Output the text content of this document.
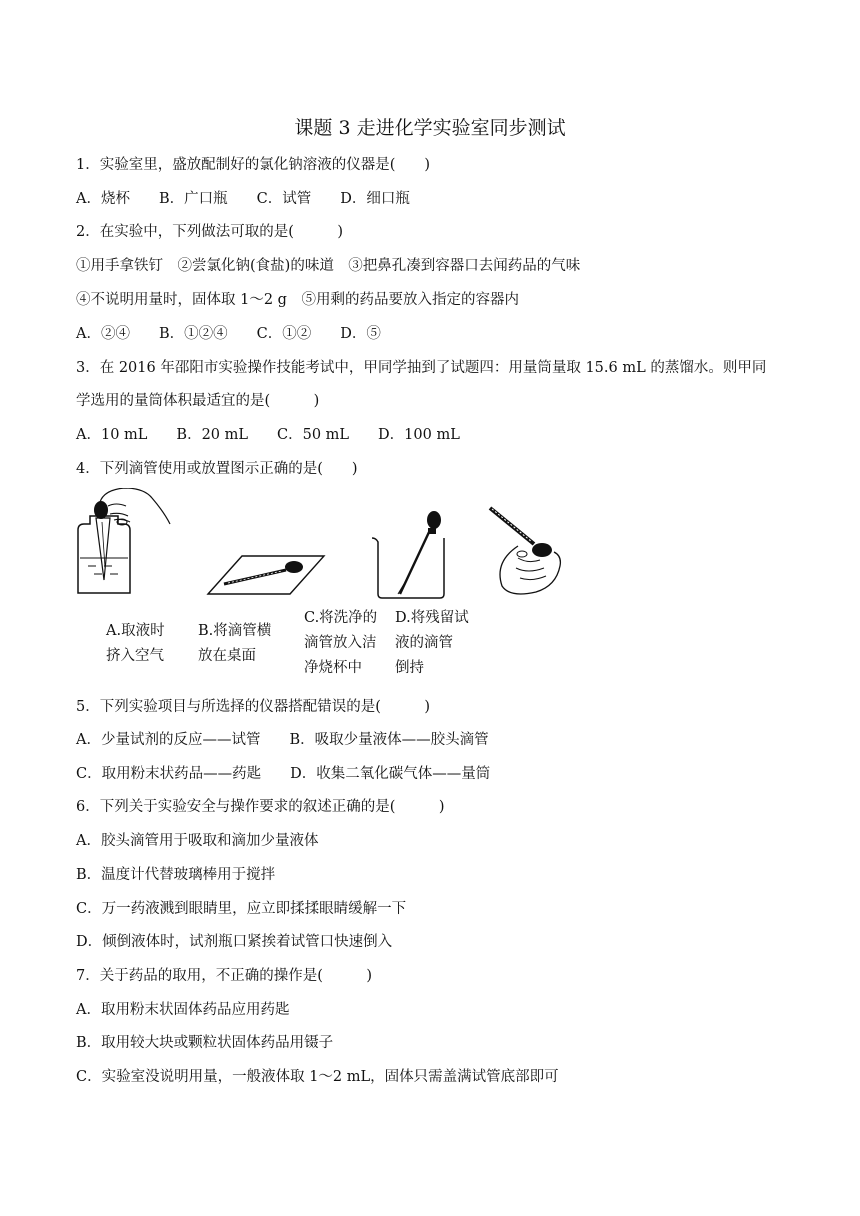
课题 3 走进化学实验室同步测试
1．实验室里，盛放配制好的氯化钠溶液的仪器是(　　)
A．烧杯　　B．广口瓶　　C．试管　　D．细口瓶
2．在实验中，下列做法可取的是(　　　)
①用手拿铁钉　②尝氯化钠(食盐)的味道　③把鼻孔凑到容器口去闻药品的气味
④不说明用量时，固体取 1～2 g　⑤用剩的药品要放入指定的容器内
A．②④　　B．①②④　　C．①②　　D．⑤
3．在 2016 年邵阳市实验操作技能考试中，甲同学抽到了试题四：用量筒量取 15.6 mL 的蒸馏水。则甲同
学选用的量筒体积最适宜的是(　　　)
A．10 mL　　B．20 mL　　C．50 mL　　D．100 mL
4．下列滴管使用或放置图示正确的是(　　)
A.取液时
挤入空气
B.将滴管横
放在桌面
C.将洗净的
滴管放入洁
净烧杯中
D.将残留试
液的滴管
倒持
5．下列实验项目与所选择的仪器搭配错误的是(　　　)
A．少量试剂的反应——试管　　B．吸取少量液体——胶头滴管
C．取用粉末状药品——药匙　　D．收集二氧化碳气体——量筒
6．下列关于实验安全与操作要求的叙述正确的是(　　　)
A．胶头滴管用于吸取和滴加少量液体
B．温度计代替玻璃棒用于搅拌
C．万一药液溅到眼睛里，应立即揉揉眼睛缓解一下
D．倾倒液体时，试剂瓶口紧挨着试管口快速倒入
7．关于药品的取用，不正确的操作是(　　　)
A．取用粉末状固体药品应用药匙
B．取用较大块或颗粒状固体药品用镊子
C．实验室没说明用量，一般液体取 1～2 mL，固体只需盖满试管底部即可
